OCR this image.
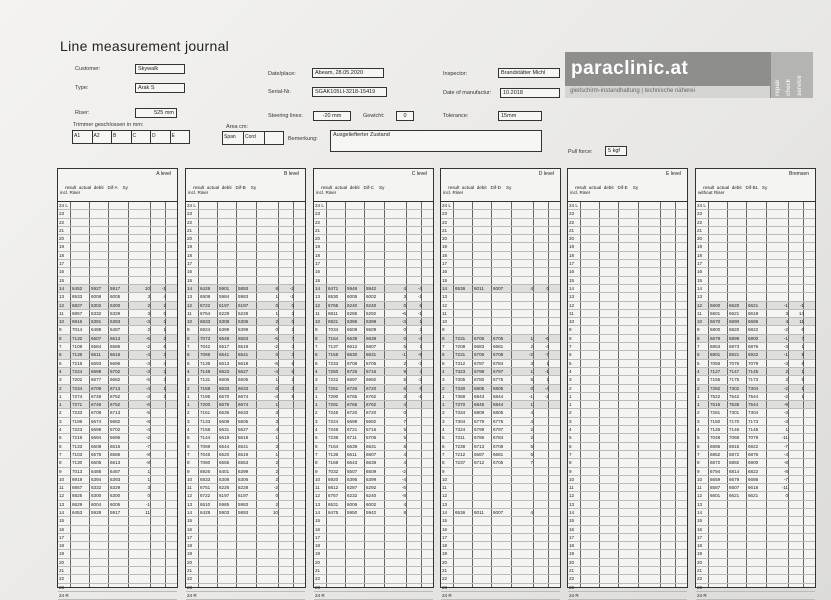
Line measurement journal
Customer:	Skywalk
Type:	Arak S
Riser:	525 mm
Date/place:	Abeam, 28.05.2020
Serial-Nr.	SGAK105LI-3218-15419
Inspector:	Brandstätter Michl
Date of manufactur:	10.2018
Steering lines:	-20 mm	Gewicht:	0	Tolerance:	15mm
Trimmer geschlossen in mm:
A1	A2	B	C	D	E
Area cm:
Span	Cord	Bemerkung:
Ausgeliefterter Zustand
Pull force:	5 kgf
paraclinic.at
gleitschirm-instandhaltung | technische näherei	repair check service
A level
result  actual  debit   Dif-A    Sy
incl. Riser
24 L
23
22
21
20
19
18
17
16
15
14	6452 5927 5917	10	-1
13	6533 6008 6005	3	4
12	6827 6302 6300	2	2
11	6857 6332 6329	3	0
10	6916 6391 6393	-3	3
9	7014 6489 6487	2	1
8	7132 6607 6613	-6	2
7	7109 6584 6586	-2	6
6	7136 6611 6615	-4	3
5	7218 6693 6696	-3	4
4	7224 6699 6702	-3	3
3	7202 6677 6682	-5	3
2	7234 6709 6713	-4	1
1	7274 6749 6752	-3	3
1	7271 6746 6752	-6
2	7233 6708 6713	-5
3	7199 6674 6682	-8
4	7223 6698 6702	-4
5	7219 6694 6696	-2
6	7133 6608 6615	-7
7	7103 6578 6586	-8
8	7130 6605 6613	-8
9	7013 6488 6487	1
10	6919 6394 6393	1
11	6857 6332 6329	3
12	6825 6300 6300	0
13	6529 6004 6005	-1
14	6453 5928 5917	11
15
16
17
18
19
20
21
22
23
24 R
B level
result  actual  debit   Dif-B    Sy
incl. Riser
24 L
23
22
21
20
19
18
17
16
15
14	6426 5901 5893	8	-2
13	6509 5984 5983	1	-1
12	6722 6197 6197	0	0
11	6754 6229 6228	1	3
10	6833 6308 6306	2	0
9	6924 6399 6399	0	2
8	7073 6548 6553	-5	7
7	7042 6517 6519	-2	3
6	7066 6541 6541	0	3
5	7135 6613 6618	-5	6
4	7148 6623 6627	-4	6
3	7131 6606 6605	1	2
2	7158 6633 6633	0	3
1	7195 6670 6674	-4	5
1	7200 6675 6674	1
2	7161 6636 6633	3
3	7133 6608 6605	3
4	7158 6631 6627	4
5	7144 6619 6618	1
6	7069 6544 6541	3
7	7045 6520 6519	1
8	7080 6555 6553	2
9	6926 6401 6399	2
10	6833 6308 6306	2
11	6751 6226 6228	-2
12	6722 6197 6197	0
13	6510 5985 5983	2
14	6428 5903 5893	10
15
16
17
18
19
20
21
22
23
24 R
C level
result  actual  debit   Dif-C    Sy
incl. Riser
24 L
23
22
21
20
19
18
17
16
15
14	6471 5946 5942	4	-4
13	6530 6005 6002	3	-1
12	6765 6240 6240	0	6
11	6811 6286 6292	-6	-1
10	6921 6396 6399	-3	1
9	7034 6509 6509	0	2
8	7164 6639 6639	0	-4
7	7137 6612 6607	5	1
6	7155 6630 6631	-1	-9
5	7233 6708 6706	2	-3
4	7250 6725 6716	9	4
3	7222 6697 6692	5	-2
2	7251 6726 6720	6	6
1	7290 6765 6762	3	-1
1	7291 6766 6762	4
2	7245 6720 6720	0
3	7224 6699 6692	7
4	7246 6721 6716	5
5	7236 6711 6706	5
6	7164 6639 6631	8
7	7136 6611 6607	4
8	7168 6643 6639	4
9	7032 6507 6509	-2
10	6920 6395 6399	-4
11	6812 6287 6292	-5
12	6757 6232 6240	-8
13	6531 6006 6002	4
14	6475 5950 5942	8
15
16
17
18
19
20
21
22
23
24 R
D level
result  actual  debit   Dif-D    Sy
incl. Riser
24 L
23
22
21
20
19
18
17
16
15
14	6536 6011 6007	4	0
13
12
11
10
9
8	7231 6706 6705	1	-6
7	7208 6683 6681	2	-4
6	7231 6706 6708	-2	-7
5	7312 6787 6784	3	1
4	7323 6798 6797	1	-1
3	7305 6780 6775	5	1
2	7330 6805 6805	0	-4
1	7368 6843 6844	-1	-2
1	7370 6845 6844	1
2	7334 6809 6805	4
3	7304 6779 6775	4
4	7324 6799 6797	2
5	7311 6786 6784	2
6	7238 6713 6708	5
7	7212 6687 6681	6
8	7237 6712 6705	7
9
10
11
12
13
14	6536 6011 6007	4
15
16
17
18
19
20
21
22
23
24 R
E level
result  actual  debit   Dif-E    Sy
incl. Riser
24 L
23
22
21
20
19
18
17
16
15
14
13
12
11
10
9
8
7
6
5
4
3
2
1
1
2
3
4
5
6
7
8
9
10
11
12
13
14
15
16
17
18
19
20
21
22
23
24 R
Bremsen
result  actual  debit   Dif-BL   Sy
without Riser
24 L
23
22
21
20
19
18
17
16
15
14
13
12	6600 6620 6621	-1	-1
11	6601 6621 6618	3	14
10	6670 6690 6686	4	11
9	6800 6820 6822	-2	6
8	6879 6899 6900	-1	7
7	6853 6873 6876	-3	1
6	6901 6921 6922	-1	5
5	7056 7076 7079	-3	8
4	7127 7147 7145	2	1
3	7155 7175 7173	2	5
2	7282 7302 7304	-2	1
1	7522 7542 7544	-2	1
1	7515 7535 7544	-9
2	7281 7301 7304	-3
3	7150 7170 7173	-3
4	7126 7146 7145	1
5	7048 7068 7079	-11
6	6895 6915 6922	-7
7	6852 6872 6876	-4
8	6872 6892 6900	-8
9	6794 6814 6822	-8
10	6659 6679 6686	-7
11	6587 6607 6618	-11
12	6601 6621 6621	0
13
14
15
16
17
18
19
20
21
22
23
24 R
